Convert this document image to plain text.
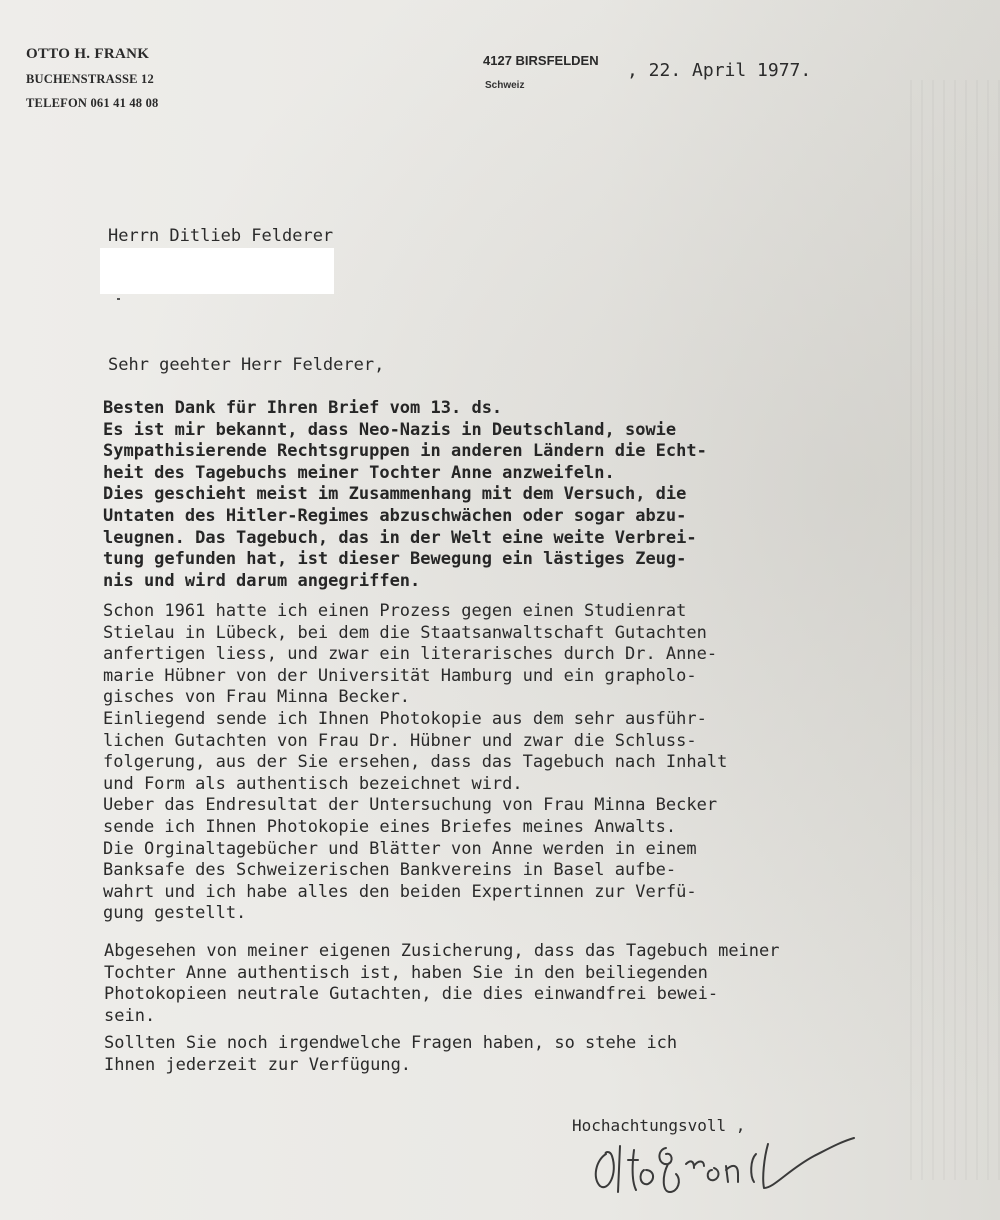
OTTO H. FRANK
BUCHENSTRASSE 12
TELEFON 061 41 48 08
4127 BIRSFELDEN
Schweiz
, 22. April 1977.
Herrn Ditlieb Felderer
Sehr geehter Herr Felderer,
Besten Dank für Ihren Brief vom 13. ds.
Es ist mir bekannt, dass Neo-Nazis in Deutschland, sowie
Sympathisierende Rechtsgruppen in anderen Ländern die Echt-
heit des Tagebuchs meiner Tochter Anne anzweifeln.
Dies geschieht meist im Zusammenhang mit dem Versuch, die
Untaten des Hitler-Regimes abzuschwächen oder sogar abzu-
leugnen. Das Tagebuch, das in der Welt eine weite Verbrei-
tung gefunden hat, ist dieser Bewegung ein lästiges Zeug-
nis und wird darum angegriffen.
Schon 1961 hatte ich einen Prozess gegen einen Studienrat
Stielau in Lübeck, bei dem die Staatsanwaltschaft Gutachten
anfertigen liess, und zwar ein literarisches durch Dr. Anne-
marie Hübner von der Universität Hamburg und ein grapholo-
gisches von Frau Minna Becker.
Einliegend sende ich Ihnen Photokopie aus dem sehr ausführ-
lichen Gutachten von Frau Dr. Hübner und zwar die Schluss-
folgerung, aus der Sie ersehen, dass das Tagebuch nach Inhalt
und Form als authentisch bezeichnet wird.
Ueber das Endresultat der Untersuchung von Frau Minna Becker
sende ich Ihnen Photokopie eines Briefes meines Anwalts.
Die Orginaltagebücher und Blätter von Anne werden in einem
Banksafe des Schweizerischen Bankvereins in Basel aufbe-
wahrt und ich habe alles den beiden Expertinnen zur Verfü-
gung gestellt.
Abgesehen von meiner eigenen Zusicherung, dass das Tagebuch meiner
Tochter Anne authentisch ist, haben Sie in den beiliegenden
Photokopieen neutrale Gutachten, die dies einwandfrei bewei-
sein.
Sollten Sie noch irgendwelche Fragen haben, so stehe ich
Ihnen jederzeit zur Verfügung.
Hochachtungsvoll ,
